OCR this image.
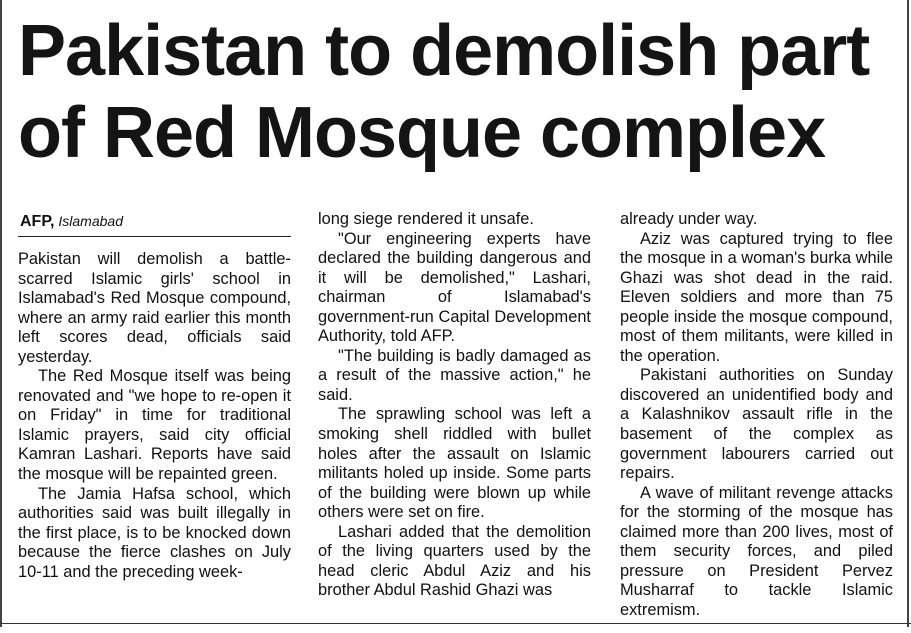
Pakistan to demolish part
of Red Mosque complex
AFP, Islamabad

Pakistan will demolish a battle-scarred Islamic girls' school in Islamabad's Red Mosque compound, where an army raid earlier this month left scores dead, officials said yesterday.

The Red Mosque itself was being renovated and "we hope to re-open it on Friday" in time for traditional Islamic prayers, said city official Kamran Lashari. Reports have said the mosque will be repainted green.

The Jamia Hafsa school, which authorities said was built illegally in the first place, is to be knocked down because the fierce clashes on July 10-11 and the preceding week-

long siege rendered it unsafe.

"Our engineering experts have declared the building dangerous and it will be demolished," Lashari, chairman of Islamabad's government-run Capital Development Authority, told AFP.

"The building is badly damaged as a result of the massive action," he said.

The sprawling school was left a smoking shell riddled with bullet holes after the assault on Islamic militants holed up inside. Some parts of the building were blown up while others were set on fire.

Lashari added that the demolition of the living quarters used by the head cleric Abdul Aziz and his brother Abdul Rashid Ghazi was

already under way.

Aziz was captured trying to flee the mosque in a woman's burka while Ghazi was shot dead in the raid. Eleven soldiers and more than 75 people inside the mosque compound, most of them militants, were killed in the operation.

Pakistani authorities on Sunday discovered an unidentified body and a Kalashnikov assault rifle in the basement of the complex as government labourers carried out repairs.

A wave of militant revenge attacks for the storming of the mosque has claimed more than 200 lives, most of them security forces, and piled pressure on President Pervez Musharraf to tackle Islamic extremism.
